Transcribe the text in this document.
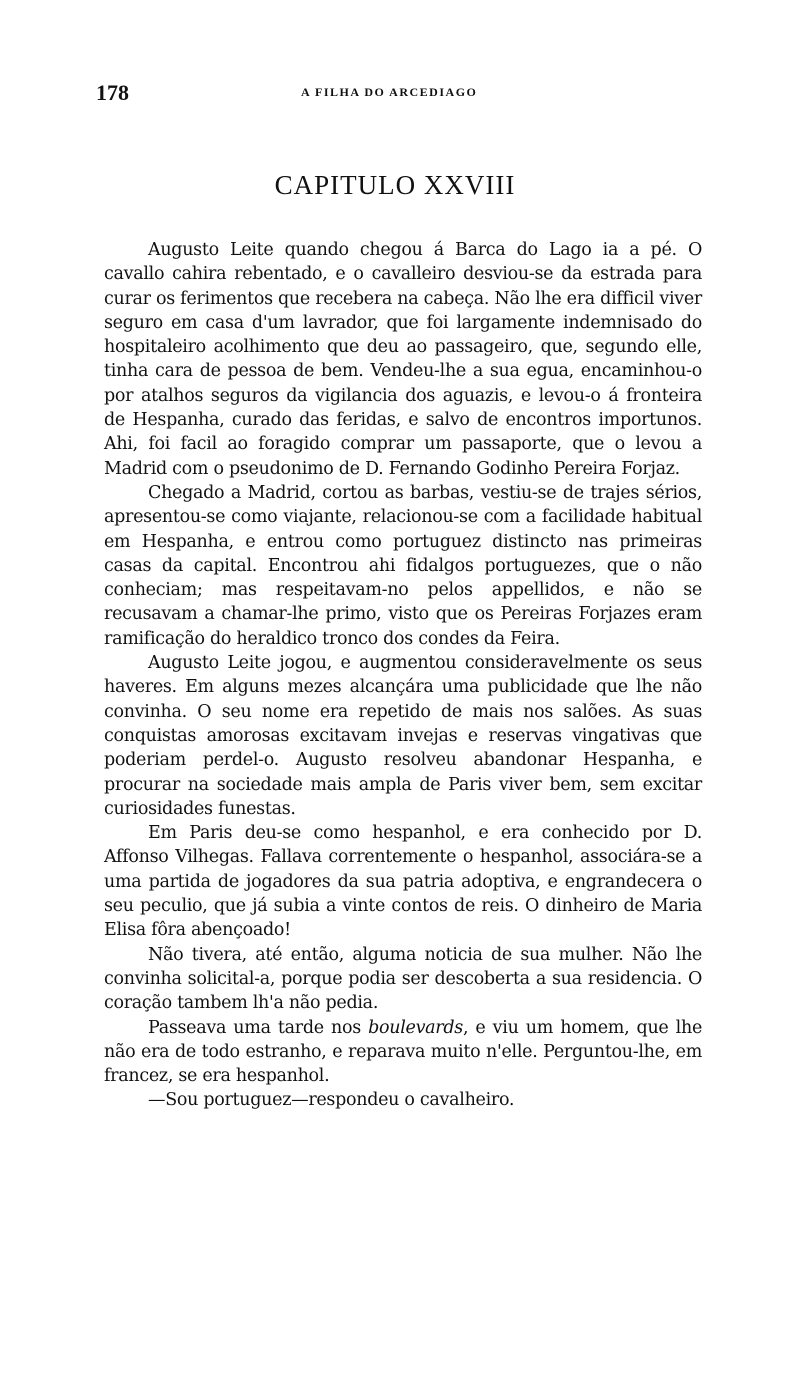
178	A FILHA DO ARCEDIAGO
CAPITULO XXVIII

Augusto Leite quando chegou á Barca do Lago ia a pé. O cavallo cahira rebentado, e o cavalleiro desviou-se da estrada para curar os ferimentos que recebera na cabeça. Não lhe era difficil viver seguro em casa d'um lavrador, que foi largamente indemnisado do hospitaleiro acolhimento que deu ao passageiro, que, segundo elle, tinha cara de pessoa de bem. Vendeu-lhe a sua egua, encaminhou-o por atalhos seguros da vigilancia dos aguazis, e levou-o á fronteira de Hespanha, curado das feridas, e salvo de encontros importunos. Ahi, foi facil ao foragido comprar um passaporte, que o levou a Madrid com o pseudonimo de D. Fernando Godinho Pereira Forjaz.

Chegado a Madrid, cortou as barbas, vestiu-se de trajes sérios, apresentou-se como viajante, relacionou-se com a facilidade habitual em Hespanha, e entrou como portuguez distincto nas primeiras casas da capital. Encontrou ahi fidalgos portuguezes, que o não conheciam; mas respeitavam-no pelos appellidos, e não se recusavam a chamar-lhe primo, visto que os Pereiras Forjazes eram ramificação do heraldico tronco dos condes da Feira.

Augusto Leite jogou, e augmentou consideravelmente os seus haveres. Em alguns mezes alcançára uma publicidade que lhe não convinha. O seu nome era repetido de mais nos salões. As suas conquistas amorosas excitavam invejas e reservas vingativas que poderiam perdel-o. Augusto resolveu abandonar Hespanha, e procurar na sociedade mais ampla de Paris viver bem, sem excitar curiosidades funestas.

Em Paris deu-se como hespanhol, e era conhecido por D. Affonso Vilhegas. Fallava correntemente o hespanhol, associára-se a uma partida de jogadores da sua patria adoptiva, e engrandecera o seu peculio, que já subia a vinte contos de reis. O dinheiro de Maria Elisa fôra abençoado!

Não tivera, até então, alguma noticia de sua mulher. Não lhe convinha solicital-a, porque podia ser descoberta a sua residencia. O coração tambem lh'a não pedia.

Passeava uma tarde nos boulevards, e viu um homem, que lhe não era de todo estranho, e reparava muito n'elle. Perguntou-lhe, em francez, se era hespanhol.

—Sou portuguez—respondeu o cavalheiro.
